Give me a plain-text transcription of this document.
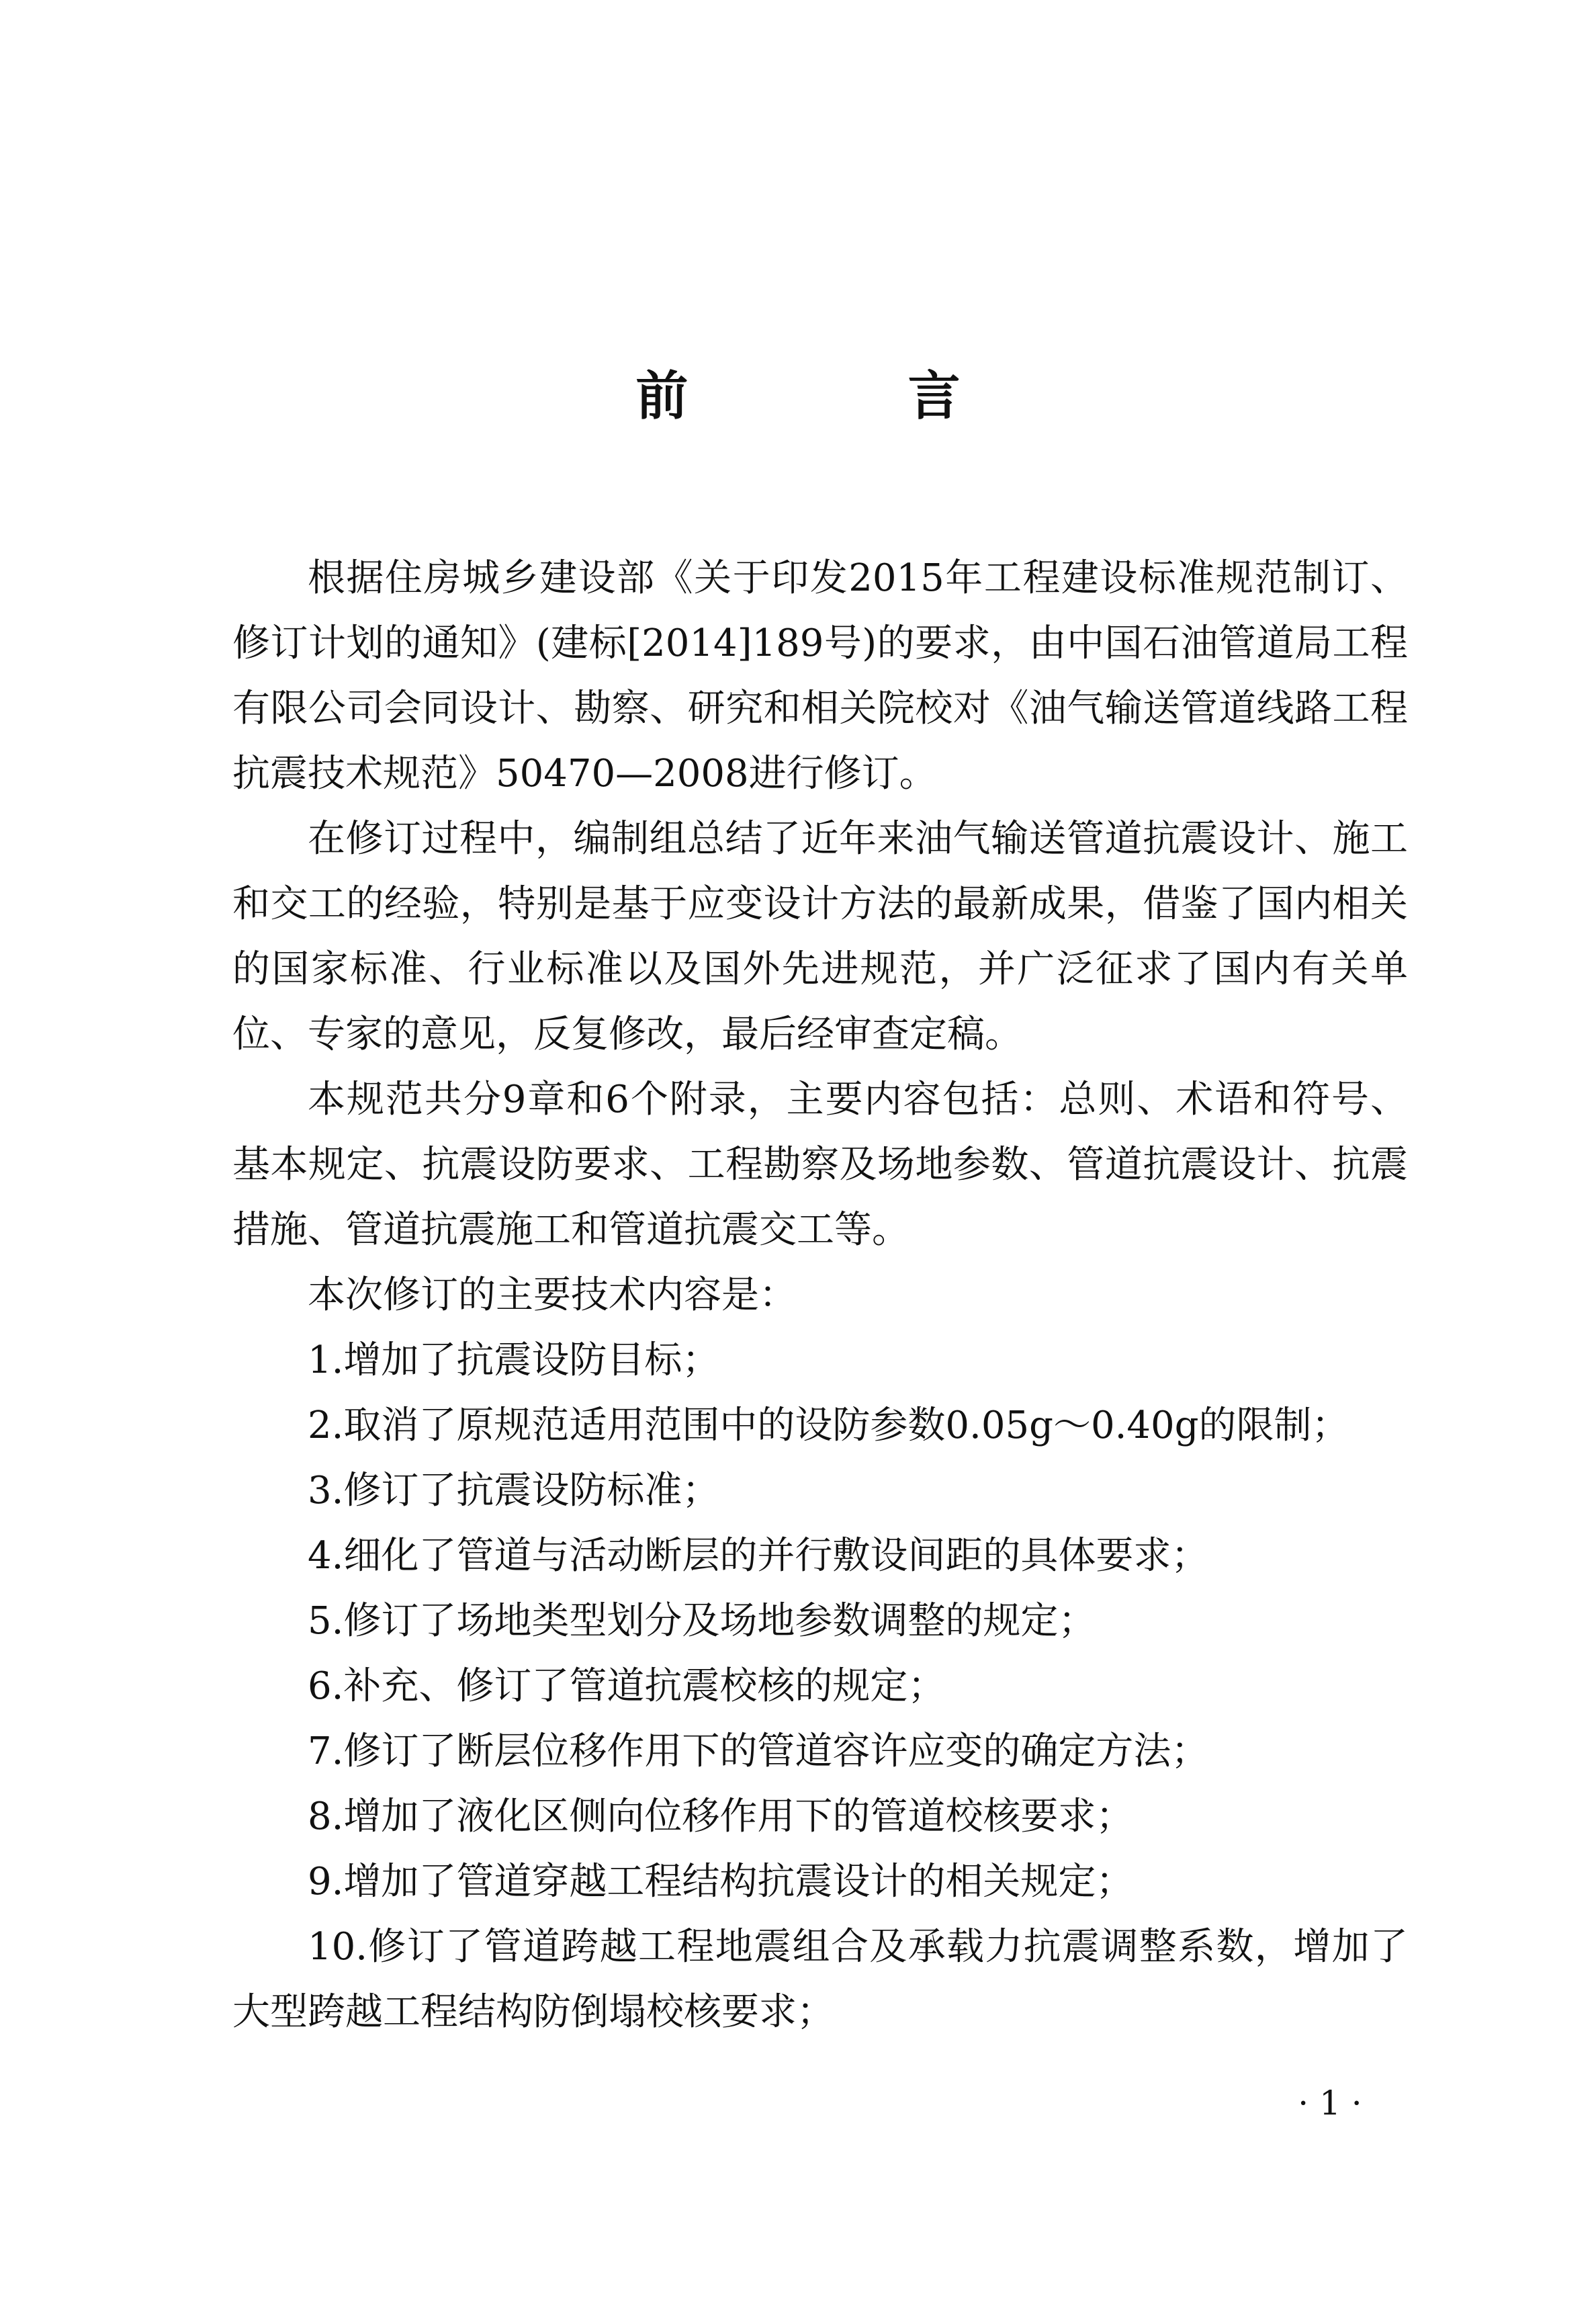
前 言

根据住房城乡建设部《关于印发2015年工程建设标准规范制订、修订计划的通知》(建标[2014]189号)的要求，由中国石油管道局工程有限公司会同设计、勘察、研究和相关院校对《油气输送管道线路工程抗震技术规范》50470—2008进行修订。

在修订过程中，编制组总结了近年来油气输送管道抗震设计、施工和交工的经验，特别是基于应变设计方法的最新成果，借鉴了国内相关的国家标准、行业标准以及国外先进规范，并广泛征求了国内有关单位、专家的意见，反复修改，最后经审查定稿。

本规范共分9章和6个附录，主要内容包括：总则、术语和符号、基本规定、抗震设防要求、工程勘察及场地参数、管道抗震设计、抗震措施、管道抗震施工和管道抗震交工等。

本次修订的主要技术内容是：

1.增加了抗震设防目标；

2.取消了原规范适用范围中的设防参数0.05g～0.40g的限制；

3.修订了抗震设防标准；

4.细化了管道与活动断层的并行敷设间距的具体要求；

5.修订了场地类型划分及场地参数调整的规定；

6.补充、修订了管道抗震校核的规定；

7.修订了断层位移作用下的管道容许应变的确定方法；

8.增加了液化区侧向位移作用下的管道校核要求；

9.增加了管道穿越工程结构抗震设计的相关规定；

10.修订了管道跨越工程地震组合及承载力抗震调整系数，增加了大型跨越工程结构防倒塌校核要求；

· 1 ·
